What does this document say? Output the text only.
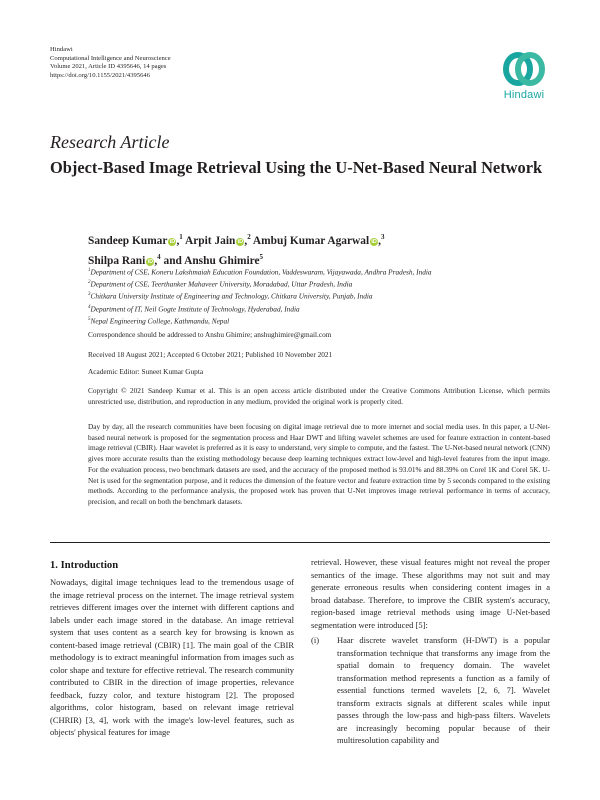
Hindawi
Computational Intelligence and Neuroscience
Volume 2021, Article ID 4395646, 14 pages
https://doi.org/10.1155/2021/4395646
Hindawi
Research Article
Object-Based Image Retrieval Using the U-Net-Based Neural Network
Sandeep Kumar iD,$^1$ Arpit Jain iD,$^2$ Ambuj Kumar Agarwal iD,$^3$
Shilpa Rani iD,$^4$ and Anshu Ghimire$^5$
$^1$Department of CSE, Koneru Lakshmaiah Education Foundation, Vaddeswaram, Vijayawada, Andhra Pradesh, India
$^2$Department of CSE, Teerthanker Mahaveer University, Moradabad, Uttar Pradesh, India
$^3$Chitkara University Institute of Engineering and Technology, Chitkara University, Punjab, India
$^4$Department of IT, Neil Gogte Institute of Technology, Hyderabad, India
$^5$Nepal Engineering College, Kathmandu, Nepal
Correspondence should be addressed to Anshu Ghimire; anshughimire@gmail.com
Received 18 August 2021; Accepted 6 October 2021; Published 10 November 2021
Academic Editor: Suneet Kumar Gupta
Copyright © 2021 Sandeep Kumar et al. This is an open access article distributed under the Creative Commons Attribution License, which permits unrestricted use, distribution, and reproduction in any medium, provided the original work is properly cited.
Day by day, all the research communities have been focusing on digital image retrieval due to more internet and social media uses. In this paper, a U-Net-based neural network is proposed for the segmentation process and Haar DWT and lifting wavelet schemes are used for feature extraction in content-based image retrieval (CBIR). Haar wavelet is preferred as it is easy to understand, very simple to compute, and the fastest. The U-Net-based neural network (CNN) gives more accurate results than the existing methodology because deep learning techniques extract low-level and high-level features from the input image. For the evaluation process, two benchmark datasets are used, and the accuracy of the proposed method is 93.01% and 88.39% on Corel 1K and Corel 5K. U-Net is used for the segmentation purpose, and it reduces the dimension of the feature vector and feature extraction time by 5 seconds compared to the existing methods. According to the performance analysis, the proposed work has proven that U-Net improves image retrieval performance in terms of accuracy, precision, and recall on both the benchmark datasets.
1. Introduction
Nowadays, digital image techniques lead to the tremendous usage of the image retrieval process on the internet. The image retrieval system retrieves different images over the internet with different captions and labels under each image stored in the database. An image retrieval system that uses content as a search key for browsing is known as content-based image retrieval (CBIR) [1]. The main goal of the CBIR methodology is to extract meaningful information from images such as color shape and texture for effective retrieval. The research community contributed to CBIR in the direction of image properties, relevance feedback, fuzzy color, and texture histogram [2]. The proposed algorithms, color histogram, based on relevant image retrieval (CHRIR) [3, 4], work with the image's low-level features, such as objects' physical features for image
retrieval. However, these visual features might not reveal the proper semantics of the image. These algorithms may not suit and may generate erroneous results when considering content images in a broad database. Therefore, to improve the CBIR system's accuracy, region-based image retrieval methods using image U-Net-based segmentation were introduced [5]:
(i)	Haar discrete wavelet transform (H-DWT) is a popular transformation technique that transforms any image from the spatial domain to frequency domain. The wavelet transformation method represents a function as a family of essential functions termed wavelets [2, 6, 7]. Wavelet transform extracts signals at different scales while input passes through the low-pass and high-pass filters. Wavelets are increasingly becoming popular because of their multiresolution capability and
